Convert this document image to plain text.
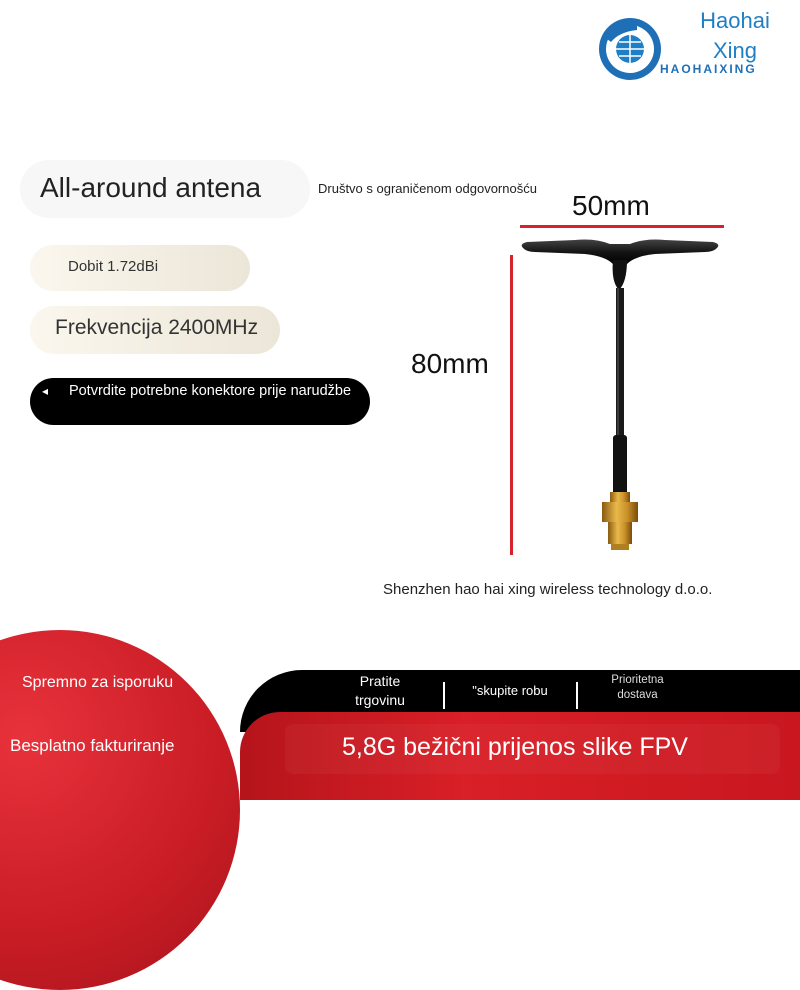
Haohai
Xing
HAOHAIXING
All-around antena	Društvo s ograničenom odgovornošću
Dobit 1.72dBi
Frekvencija 2400MHz
◂	Potvrdite potrebne konektore prije narudžbe
50mm
80mm
Shenzhen hao hai xing wireless technology d.o.o.
Spremno za isporuku
Besplatno fakturiranje
Pratite trgovinu
"skupite robu
Prioritetna dostava
5,8G bežični prijenos slike FPV
